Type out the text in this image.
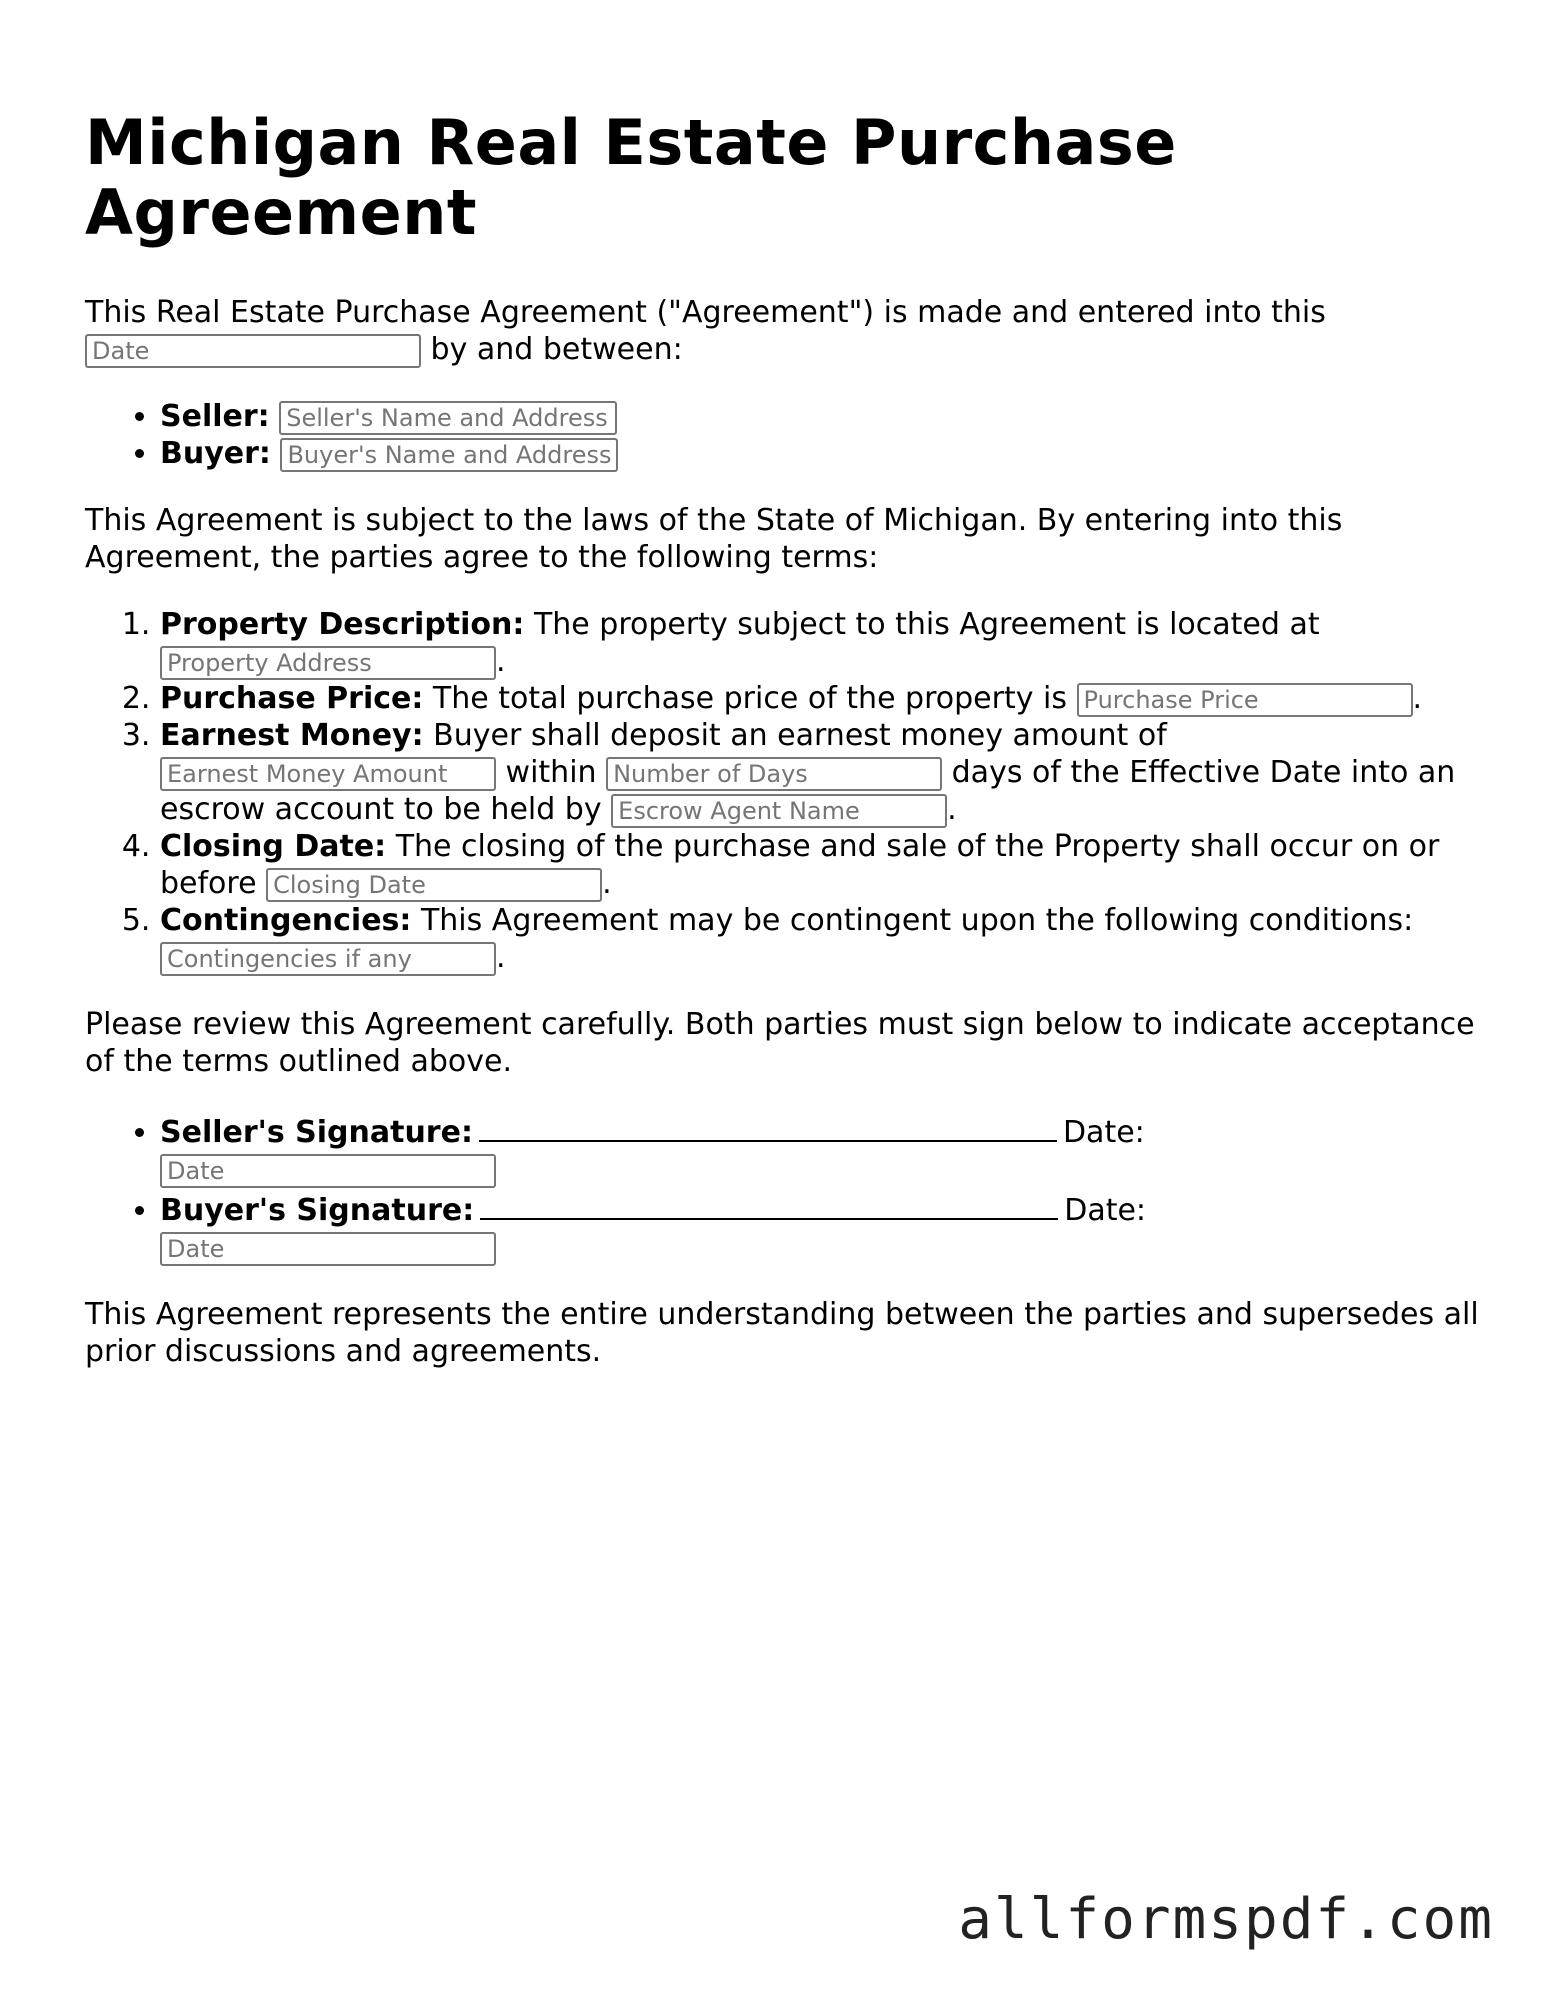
Michigan Real Estate Purchase Agreement

This Real Estate Purchase Agreement ("Agreement") is made and entered into this Date by and between:

• Seller: Seller's Name and Address
• Buyer: Buyer's Name and Address

This Agreement is subject to the laws of the State of Michigan. By entering into this Agreement, the parties agree to the following terms:

1. Property Description: The property subject to this Agreement is located at Property Address.
2. Purchase Price: The total purchase price of the property is Purchase Price	.
3. Earnest Money: Buyer shall deposit an earnest money amount of Earnest Money Amount within Number of Days	days of the Effective Date into an escrow account to be held by Escrow Agent Name	.
4. Closing Date: The closing of the purchase and sale of the Property shall occur on or before Closing Date	.
5. Contingencies: This Agreement may be contingent upon the following conditions: Contingencies if any.

Please review this Agreement carefully. Both parties must sign below to indicate acceptance of the terms outlined above.

• Seller's Signature:	Date: Date
• Buyer's Signature:	Date: Date

This Agreement represents the entire understanding between the parties and supersedes all prior discussions and agreements.

allformspdf.com
